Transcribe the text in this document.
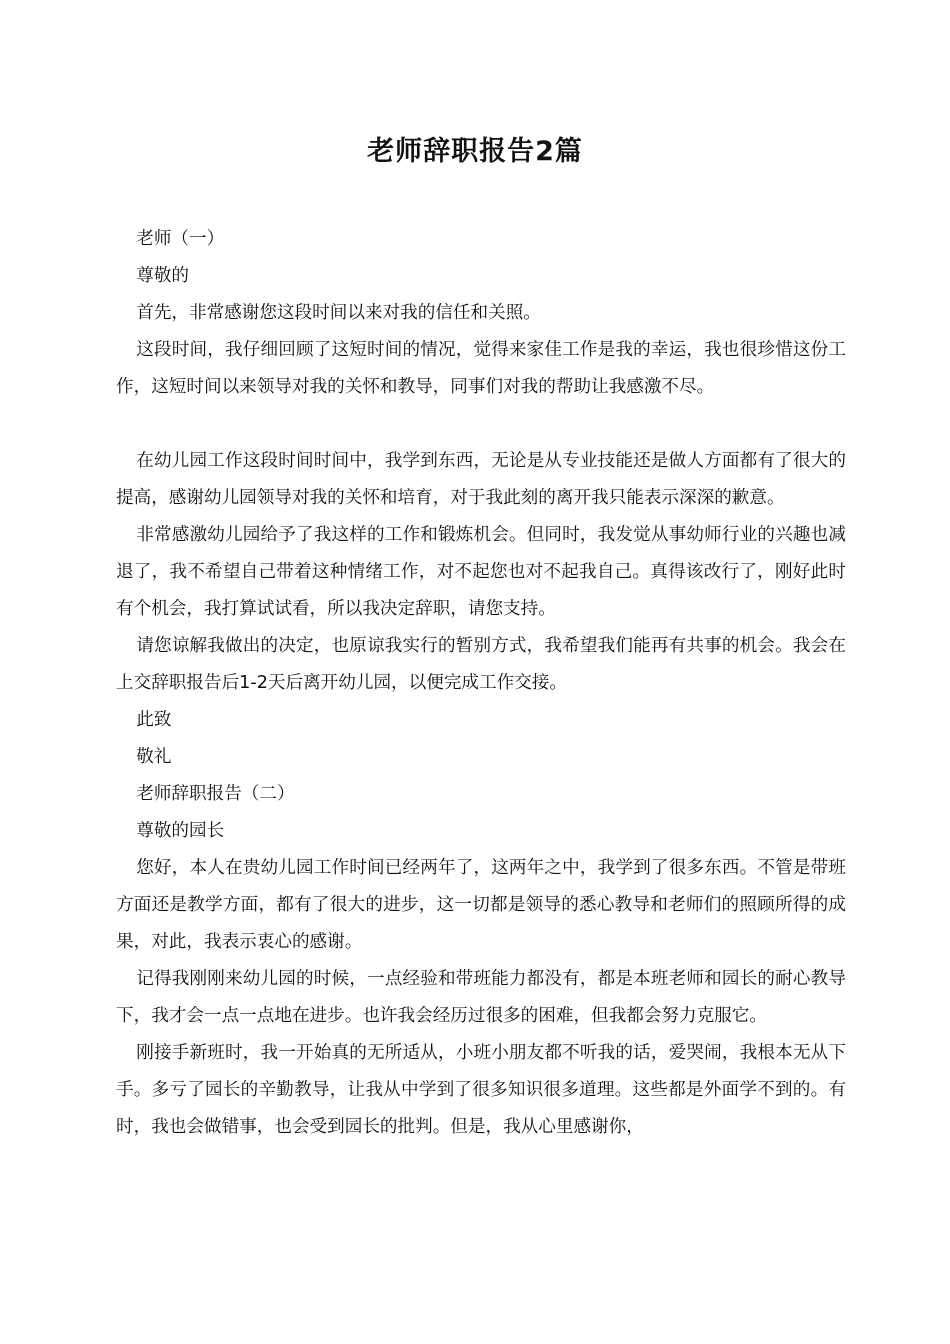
老师辞职报告2篇

老师（一）

尊敬的

首先，非常感谢您这段时间以来对我的信任和关照。

这段时间，我仔细回顾了这短时间的情况，觉得来家佳工作是我的幸运，我也很珍惜这份工作，这短时间以来领导对我的关怀和教导，同事们对我的帮助让我感激不尽。

在幼儿园工作这段时间时间中，我学到东西，无论是从专业技能还是做人方面都有了很大的提高，感谢幼儿园领导对我的关怀和培育，对于我此刻的离开我只能表示深深的歉意。

非常感激幼儿园给予了我这样的工作和锻炼机会。但同时，我发觉从事幼师行业的兴趣也减退了，我不希望自己带着这种情绪工作，对不起您也对不起我自己。真得该改行了，刚好此时有个机会，我打算试试看，所以我决定辞职，请您支持。

请您谅解我做出的决定，也原谅我实行的暂别方式，我希望我们能再有共事的机会。我会在上交辞职报告后1-2天后离开幼儿园，以便完成工作交接。

此致

敬礼

老师辞职报告（二）

尊敬的园长

您好，本人在贵幼儿园工作时间已经两年了，这两年之中，我学到了很多东西。不管是带班方面还是教学方面，都有了很大的进步，这一切都是领导的悉心教导和老师们的照顾所得的成果，对此，我表示衷心的感谢。

记得我刚刚来幼儿园的时候，一点经验和带班能力都没有，都是本班老师和园长的耐心教导下，我才会一点一点地在进步。也许我会经历过很多的困难，但我都会努力克服它。

刚接手新班时，我一开始真的无所适从，小班小朋友都不听我的话，爱哭闹，我根本无从下手。多亏了园长的辛勤教导，让我从中学到了很多知识很多道理。这些都是外面学不到的。有时，我也会做错事，也会受到园长的批判。但是，我从心里感谢你，
